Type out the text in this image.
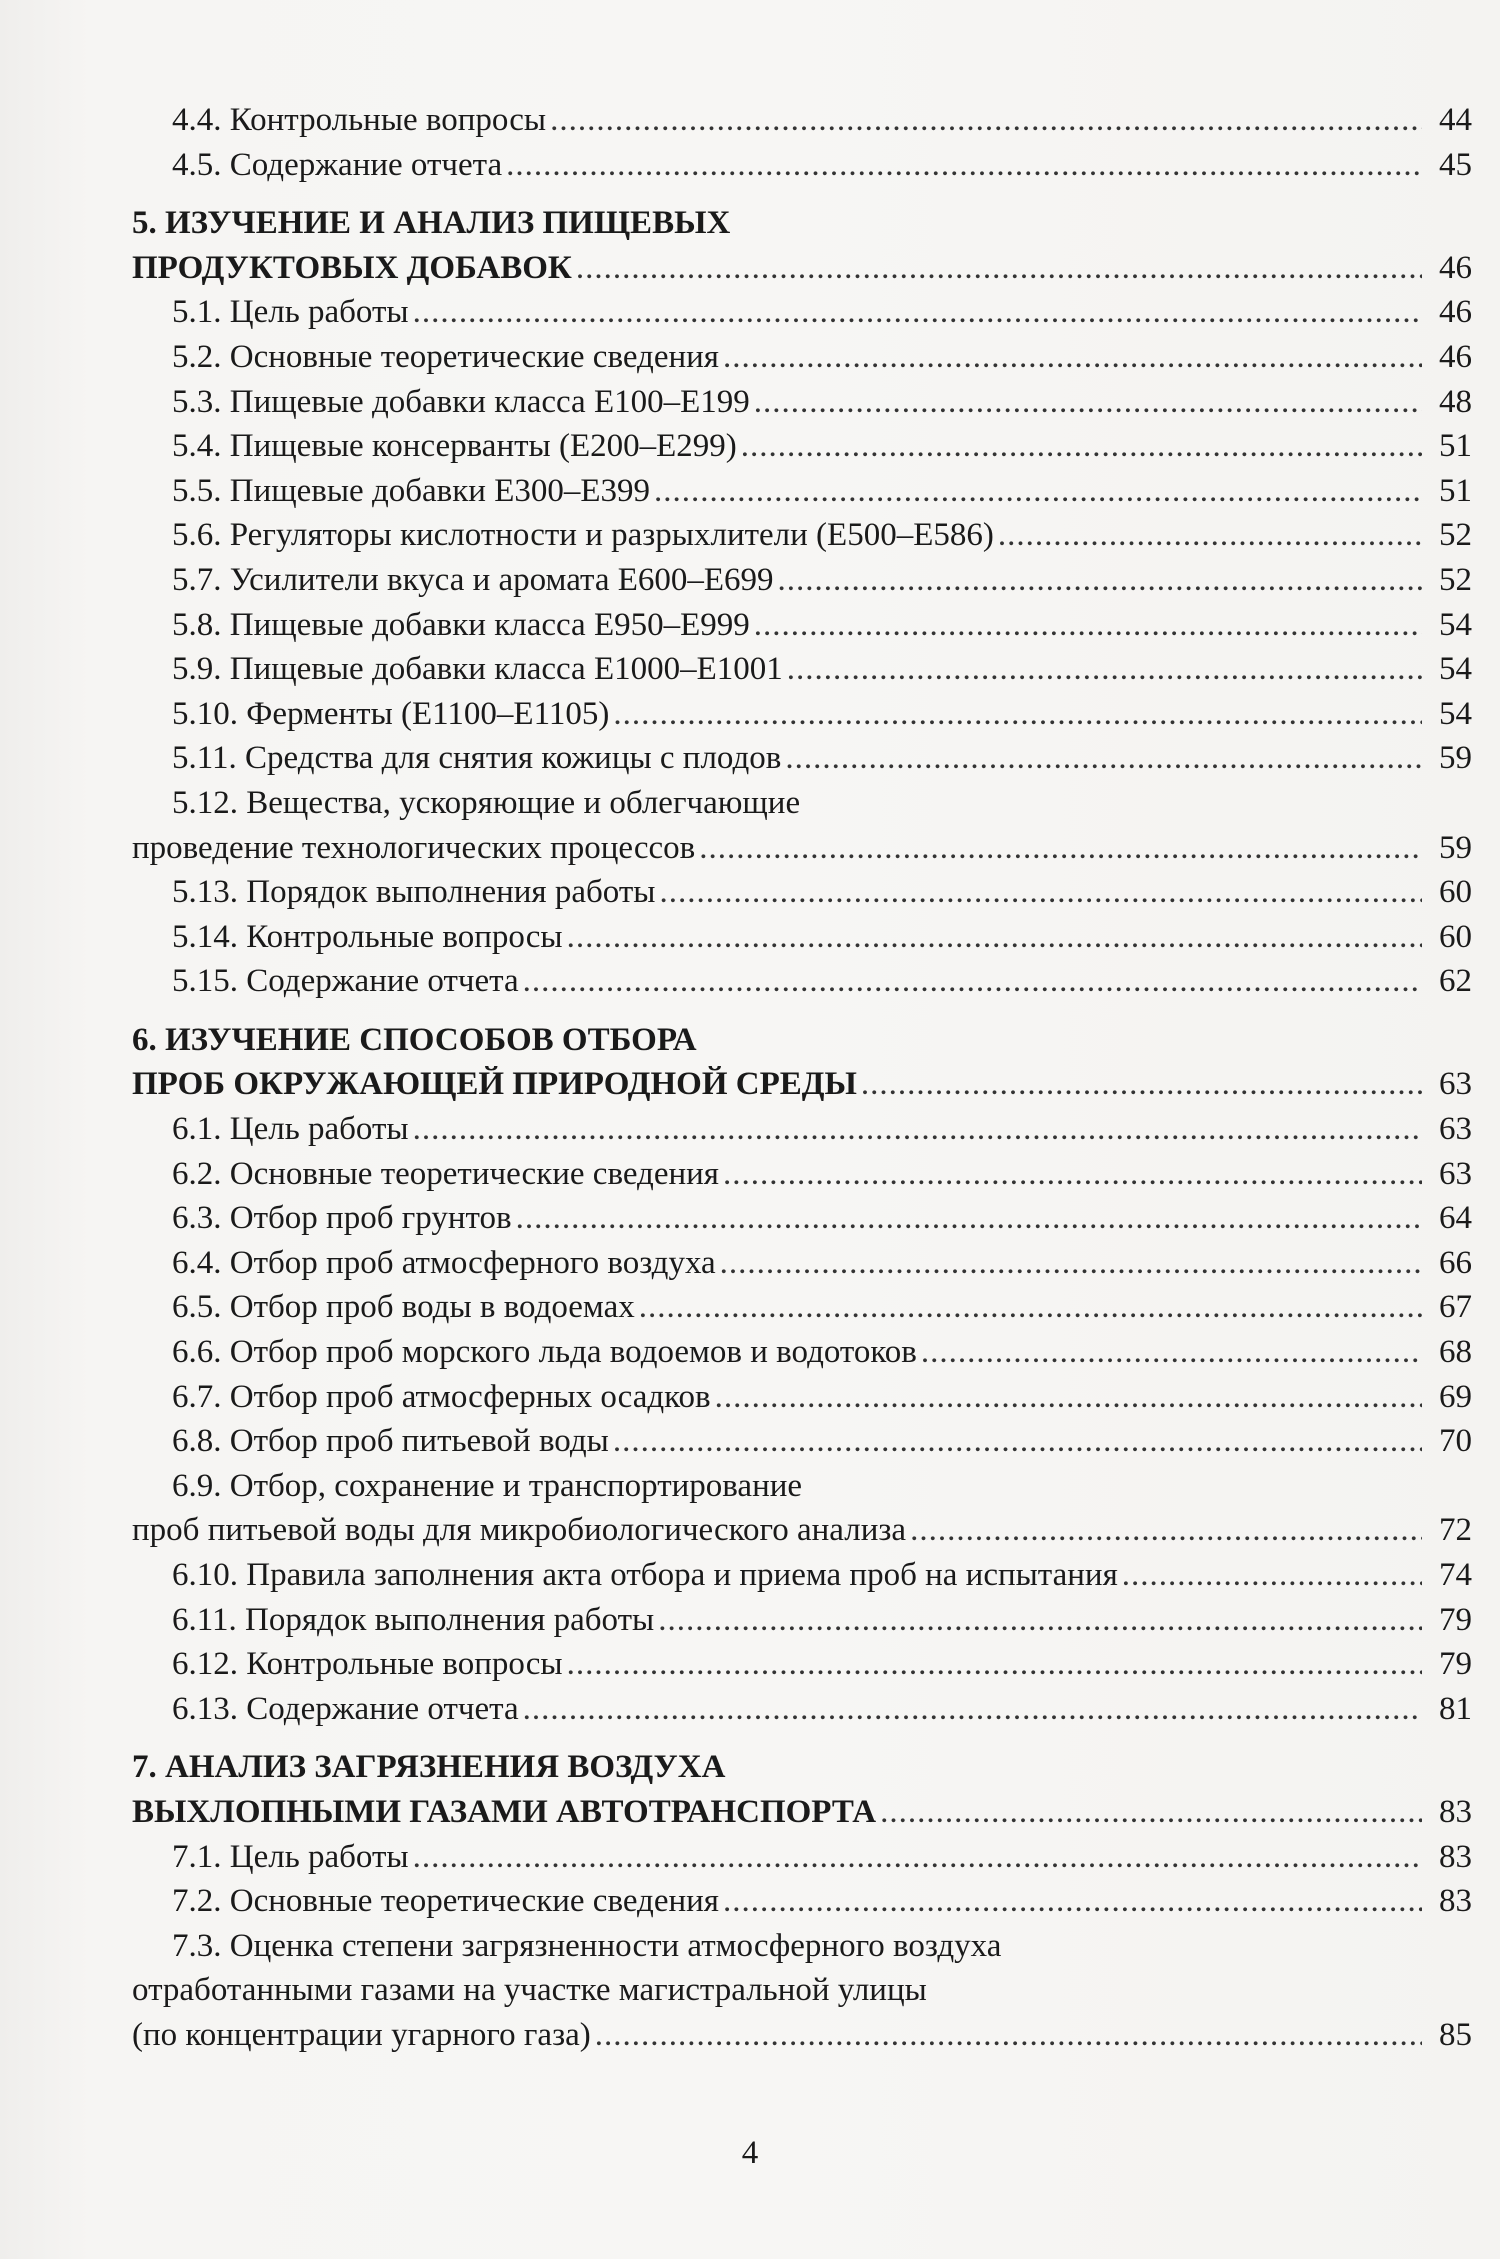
4.4. Контрольные вопросы .....	44
4.5. Содержание отчета .....	45
5. ИЗУЧЕНИЕ И АНАЛИЗ ПИЩЕВЫХ
ПРОДУКТОВЫХ ДОБАВОК .....	46
5.1. Цель работы .....	46
5.2. Основные теоретические сведения .....	46
5.3. Пищевые добавки класса Е100–Е199 .....	48
5.4. Пищевые консерванты (Е200–Е299) .....	51
5.5. Пищевые добавки Е300–Е399 .....	51
5.6. Регуляторы кислотности и разрыхлители (Е500–Е586) .....	52
5.7. Усилители вкуса и аромата Е600–Е699 .....	52
5.8. Пищевые добавки класса Е950–Е999 .....	54
5.9. Пищевые добавки класса Е1000–Е1001 .....	54
5.10. Ферменты (Е1100–Е1105) .....	54
5.11. Средства для снятия кожицы с плодов .....	59
5.12. Вещества, ускоряющие и облегчающие
проведение технологических процессов .....	59
5.13. Порядок выполнения работы .....	60
5.14. Контрольные вопросы .....	60
5.15. Содержание отчета .....	62
6. ИЗУЧЕНИЕ СПОСОБОВ ОТБОРА
ПРОБ ОКРУЖАЮЩЕЙ ПРИРОДНОЙ СРЕДЫ .....	63
6.1. Цель работы .....	63
6.2. Основные теоретические сведения .....	63
6.3. Отбор проб грунтов .....	64
6.4. Отбор проб атмосферного воздуха .....	66
6.5. Отбор проб воды в водоемах .....	67
6.6. Отбор проб морского льда водоемов и водотоков .....	68
6.7. Отбор проб атмосферных осадков .....	69
6.8. Отбор проб питьевой воды .....	70
6.9. Отбор, сохранение и транспортирование
проб питьевой воды для микробиологического анализа .....	72
6.10. Правила заполнения акта отбора и приема проб на испытания .....	74
6.11. Порядок выполнения работы .....	79
6.12. Контрольные вопросы .....	79
6.13. Содержание отчета .....	81
7. АНАЛИЗ ЗАГРЯЗНЕНИЯ ВОЗДУХА
ВЫХЛОПНЫМИ ГАЗАМИ АВТОТРАНСПОРТА .....	83
7.1. Цель работы .....	83
7.2. Основные теоретические сведения .....	83
7.3. Оценка степени загрязненности атмосферного воздуха
отработанными газами на участке магистральной улицы
(по концентрации угарного газа) .....	85
4
